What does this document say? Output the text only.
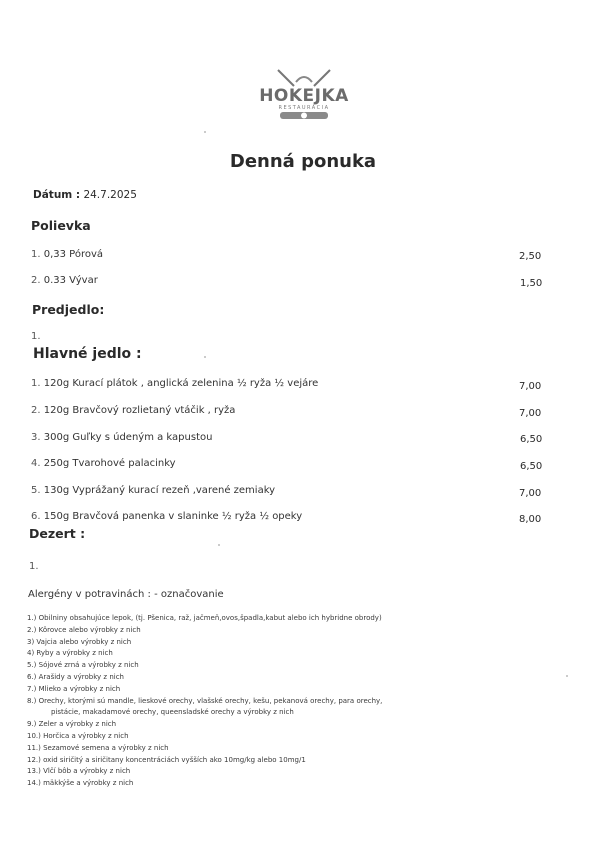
HOKEJKA
RESTAURÁCIA
Denná ponuka
Dátum : 24.7.2025
Polievka
1. 0,33 Pórová	2,50
2. 0.33 Vývar	1,50
Predjedlo:
1.
Hlavné jedlo :
1. 120g Kurací plátok , anglická zelenina ½ ryža ½ vejáre	7,00
2. 120g Bravčový rozlietaný vtáčik , ryža	7,00
3. 300g Guľky s údeným a kapustou	6,50
4. 250g Tvarohové palacinky	6,50
5. 130g Vyprážaný kurací rezeň ,varené zemiaky	7,00
6. 150g Bravčová panenka v slaninke ½ ryža ½ opeky	8,00
Dezert :
1.
Alergény v potravinách : - označovanie
1.) Obilniny obsahujúce lepok, (tj. Pšenica, raž, jačmeň,ovos,špadla,kabut alebo ich hybridne obrody)
2.) Kôrovce alebo výrobky z nich
3) Vajcia alebo výrobky z nich
4) Ryby a výrobky z nich
5.) Sójové zrná a výrobky z nich
6.) Arašidy a výrobky z nich
7.) Mlieko a výrobky z nich
8.) Orechy, ktorými sú mandle, lieskové orechy, vlašské orechy, kešu, pekanová orechy, para orechy,
pistácie, makadamové orechy, queensladské orechy a výrobky z nich
9.) Zeler a výrobky z nich
10.) Horčica a výrobky z nich
11.) Sezamové semena a výrobky z nich
12.) oxid siričitý a siričitany koncentráciách vyšších ako 10mg/kg alebo 10mg/1
13.) Vlčí bôb a výrobky z nich
14.) mäkkýše a výrobky z nich
